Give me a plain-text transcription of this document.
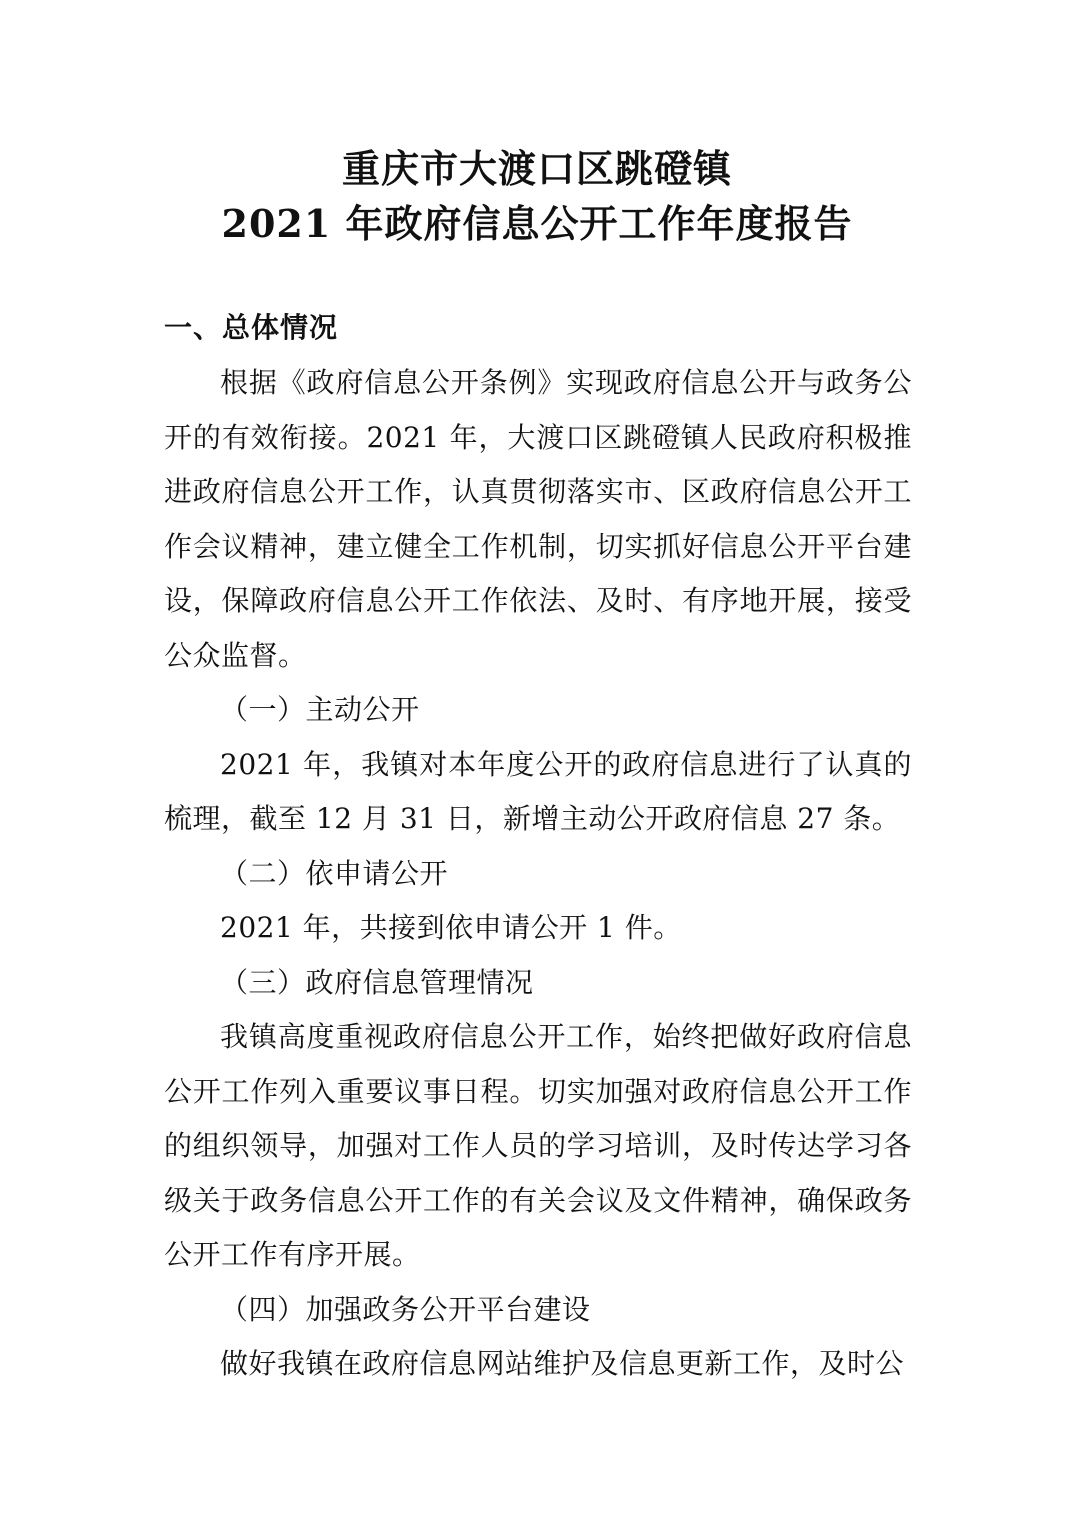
重庆市大渡口区跳磴镇
2021 年政府信息公开工作年度报告
一、总体情况

根据《政府信息公开条例》实现政府信息公开与政务公开的有效衔接。2021 年，大渡口区跳磴镇人民政府积极推进政府信息公开工作，认真贯彻落实市、区政府信息公开工作会议精神，建立健全工作机制，切实抓好信息公开平台建设，保障政府信息公开工作依法、及时、有序地开展，接受公众监督。

（一）主动公开

2021 年，我镇对本年度公开的政府信息进行了认真的梳理，截至 12 月 31 日，新增主动公开政府信息 27 条。

（二）依申请公开

2021 年，共接到依申请公开 1 件。

（三）政府信息管理情况

我镇高度重视政府信息公开工作，始终把做好政府信息公开工作列入重要议事日程。切实加强对政府信息公开工作的组织领导，加强对工作人员的学习培训，及时传达学习各级关于政务信息公开工作的有关会议及文件精神，确保政务公开工作有序开展。

（四）加强政务公开平台建设

做好我镇在政府信息网站维护及信息更新工作，及时公
